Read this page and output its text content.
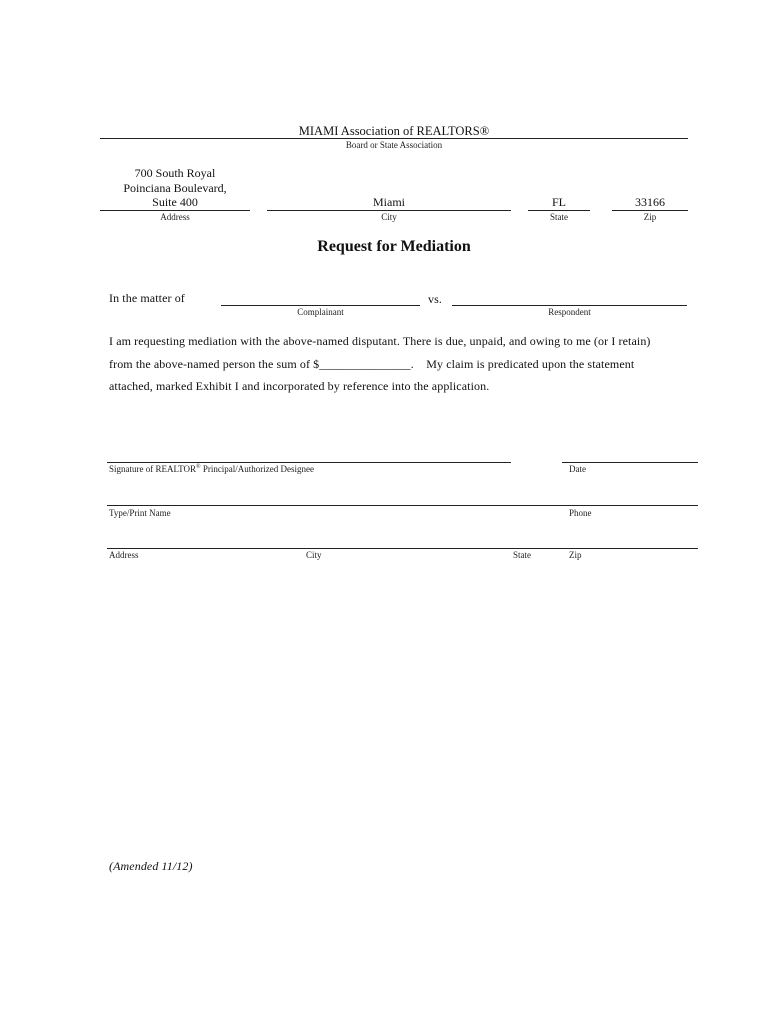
MIAMI Association of REALTORS®
Board or State Association
700 South Royal
Poinciana Boulevard,
Suite 400
Address
Miami
City
FL
State
33166
Zip
Request for Mediation
In the matter of
Complainant
vs.
Respondent
I am requesting mediation with the above-named disputant. There is due, unpaid, and owing to me (or I retain)
from the above-named person the sum of $_______________.    My claim is predicated upon the statement
attached, marked Exhibit I and incorporated by reference into the application.
Signature of REALTOR® Principal/Authorized Designee	Date
Type/Print Name	Phone
Address	City	State	Zip
(Amended 11/12)
